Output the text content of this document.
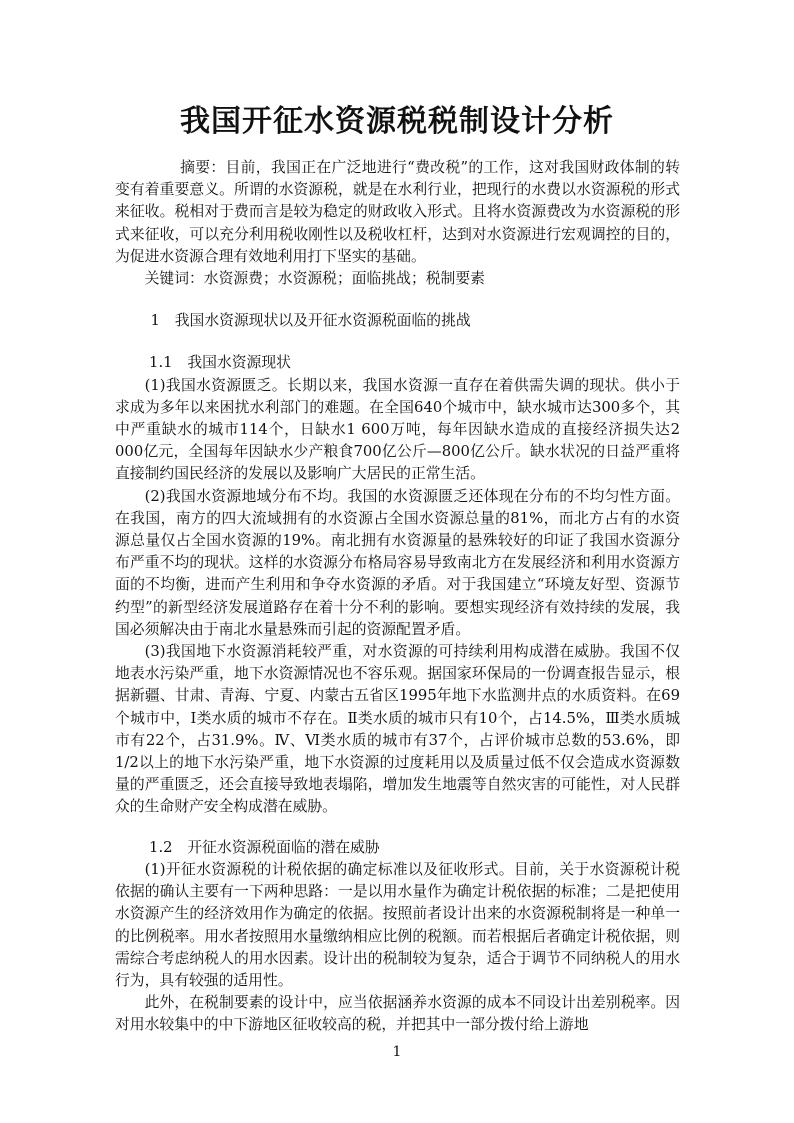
我国开征水资源税税制设计分析

摘要：目前，我国正在广泛地进行“费改税”的工作，这对我国财政体制的转变有着重要意义。所谓的水资源税，就是在水利行业，把现行的水费以水资源税的形式来征收。税相对于费而言是较为稳定的财政收入形式。且将水资源费改为水资源税的形式来征收，可以充分利用税收刚性以及税收杠杆，达到对水资源进行宏观调控的目的，为促进水资源合理有效地利用打下坚实的基础。

关键词：水资源费；水资源税；面临挑战；税制要素

1　我国水资源现状以及开征水资源税面临的挑战

1.1　我国水资源现状

(1)我国水资源匮乏。长期以来，我国水资源一直存在着供需失调的现状。供小于求成为多年以来困扰水利部门的难题。在全国640个城市中，缺水城市达300多个，其中严重缺水的城市114个，日缺水1 600万吨，每年因缺水造成的直接经济损失达2 000亿元，全国每年因缺水少产粮食700亿公斤—800亿公斤。缺水状况的日益严重将直接制约国民经济的发展以及影响广大居民的正常生活。

(2)我国水资源地域分布不均。我国的水资源匮乏还体现在分布的不均匀性方面。在我国，南方的四大流域拥有的水资源占全国水资源总量的81%，而北方占有的水资源总量仅占全国水资源的19%。南北拥有水资源量的悬殊较好的印证了我国水资源分布严重不均的现状。这样的水资源分布格局容易导致南北方在发展经济和利用水资源方面的不均衡，进而产生利用和争夺水资源的矛盾。对于我国建立“环境友好型、资源节约型”的新型经济发展道路存在着十分不利的影响。要想实现经济有效持续的发展，我国必须解决由于南北水量悬殊而引起的资源配置矛盾。

(3)我国地下水资源消耗较严重，对水资源的可持续利用构成潜在威胁。我国不仅地表水污染严重，地下水资源情况也不容乐观。据国家环保局的一份调查报告显示，根据新疆、甘肃、青海、宁夏、内蒙古五省区1995年地下水监测井点的水质资料。在69个城市中，I类水质的城市不存在。Ⅱ类水质的城市只有10个，占14.5%，Ⅲ类水质城市有22个，占31.9%。Ⅳ、Ⅵ类水质的城市有37个，占评价城市总数的53.6%，即1/2以上的地下水污染严重，地下水资源的过度耗用以及质量过低不仅会造成水资源数量的严重匮乏，还会直接导致地表塌陷，增加发生地震等自然灾害的可能性，对人民群众的生命财产安全构成潜在威胁。

1.2　开征水资源税面临的潜在威胁

(1)开征水资源税的计税依据的确定标准以及征收形式。目前，关于水资源税计税依据的确认主要有一下两种思路：一是以用水量作为确定计税依据的标准；二是把使用水资源产生的经济效用作为确定的依据。按照前者设计出来的水资源税制将是一种单一的比例税率。用水者按照用水量缴纳相应比例的税额。而若根据后者确定计税依据，则需综合考虑纳税人的用水因素。设计出的税制较为复杂，适合于调节不同纳税人的用水行为，具有较强的适用性。

此外，在税制要素的设计中，应当依据涵养水资源的成本不同设计出差别税率。因对用水较集中的中下游地区征收较高的税，并把其中一部分拨付给上游地

1
